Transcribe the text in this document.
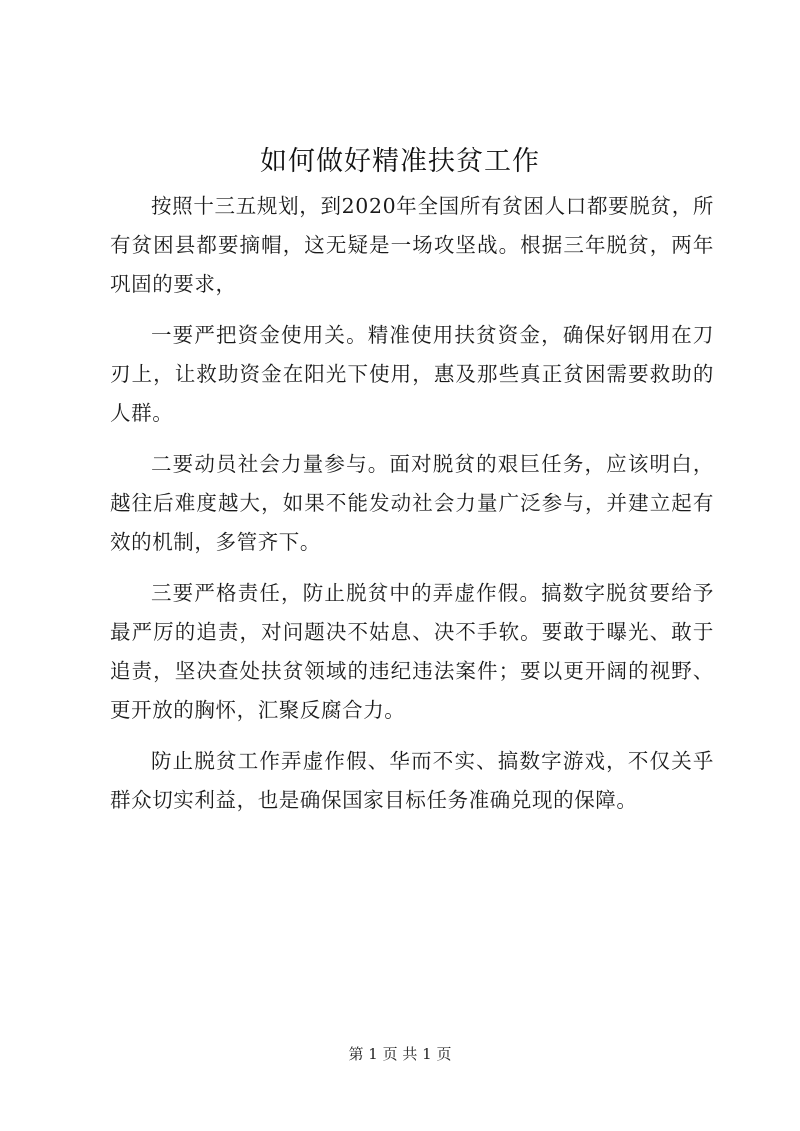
如何做好精准扶贫工作

按照十三五规划，到2020年全国所有贫困人口都要脱贫，所有贫困县都要摘帽，这无疑是一场攻坚战。根据三年脱贫，两年巩固的要求，

一要严把资金使用关。精准使用扶贫资金，确保好钢用在刀刃上，让救助资金在阳光下使用，惠及那些真正贫困需要救助的人群。

二要动员社会力量参与。面对脱贫的艰巨任务，应该明白，越往后难度越大，如果不能发动社会力量广泛参与，并建立起有效的机制，多管齐下。

三要严格责任，防止脱贫中的弄虚作假。搞数字脱贫要给予最严厉的追责，对问题决不姑息、决不手软。要敢于曝光、敢于追责，坚决查处扶贫领域的违纪违法案件；要以更开阔的视野、更开放的胸怀，汇聚反腐合力。

防止脱贫工作弄虚作假、华而不实、搞数字游戏，不仅关乎群众切实利益，也是确保国家目标任务准确兑现的保障。

第 1 页 共 1 页
